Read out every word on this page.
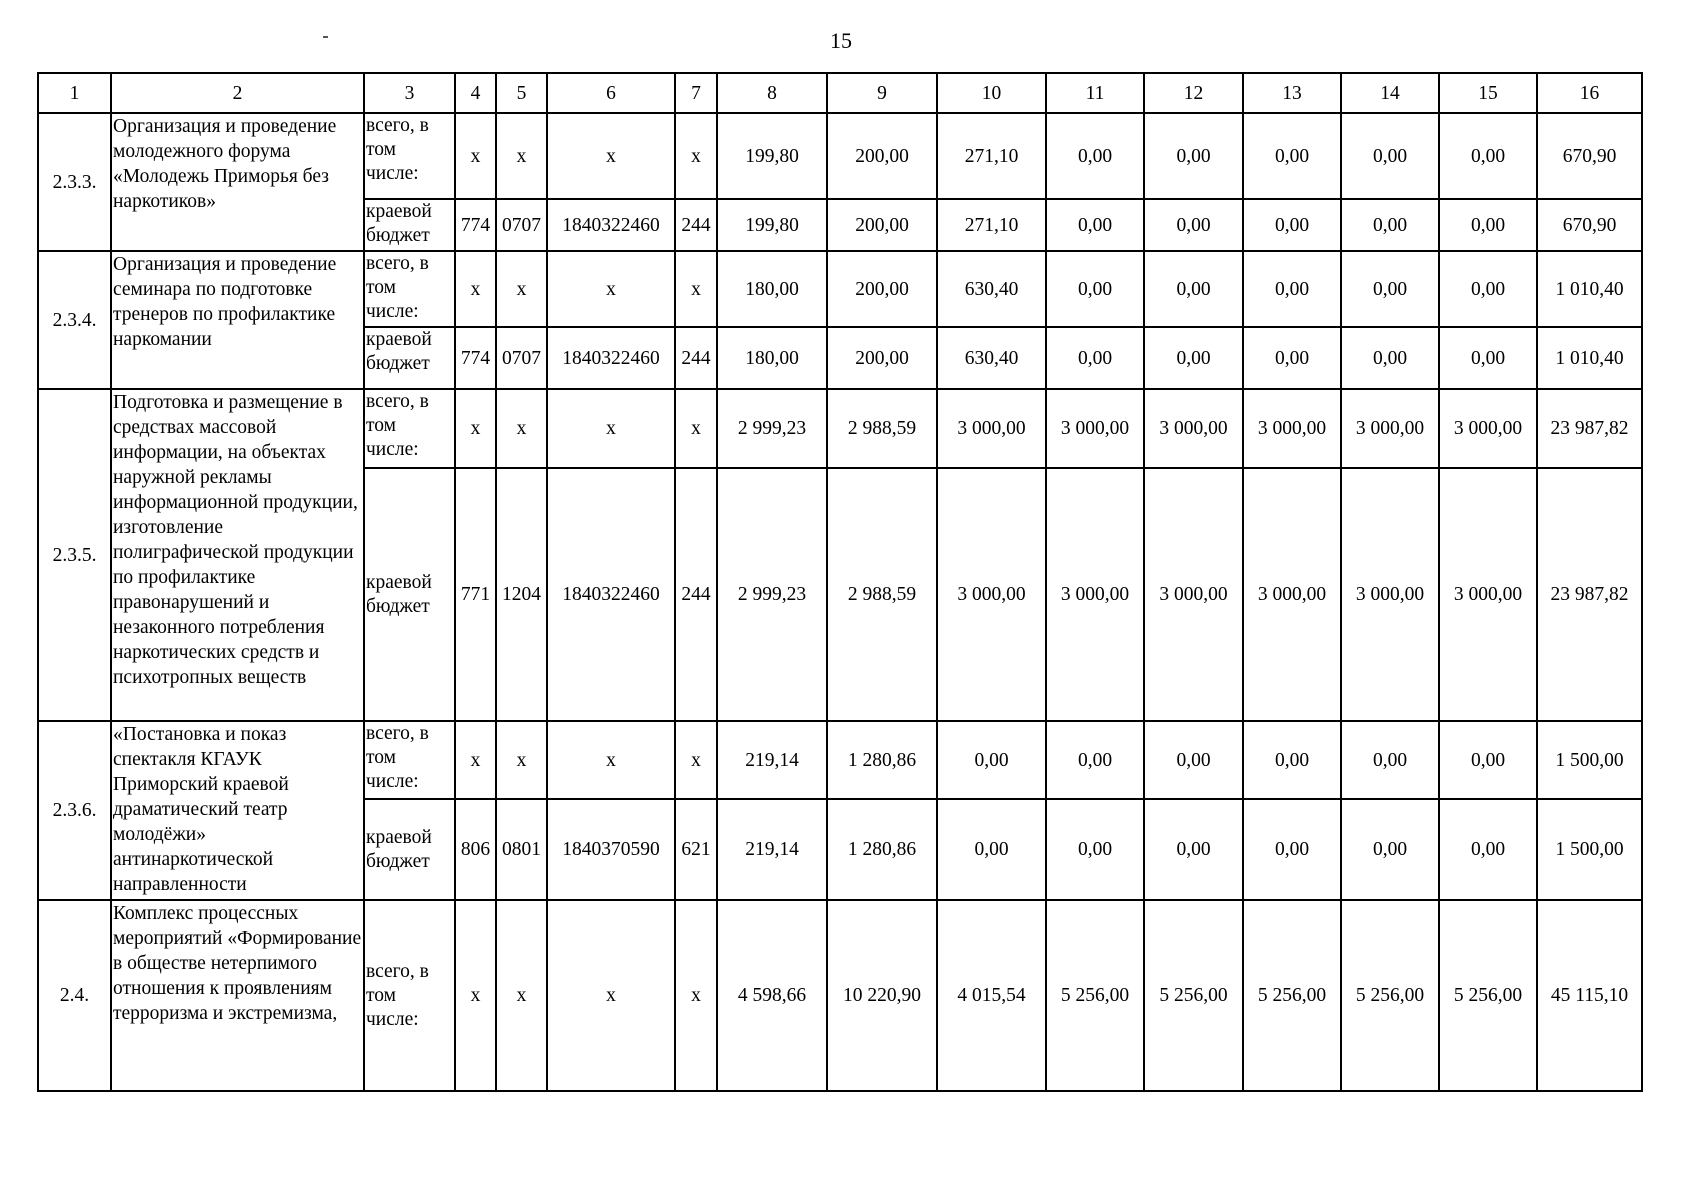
15
1	2	3	4	5	6	7	8	9	10	11	12	13	14	15	16
2.3.3.	Организация и проведение молодежного форума «Молодежь Приморья без наркотиков»	всего, в том числе:	x	x	x	x	199,80	200,00	271,10	0,00	0,00	0,00	0,00	0,00	670,90
		краевой бюджет	774	0707	1840322460	244	199,80	200,00	271,10	0,00	0,00	0,00	0,00	0,00	670,90
2.3.4.	Организация и проведение семинара по подготовке тренеров по профилактике наркомании	всего, в том числе:	x	x	x	x	180,00	200,00	630,40	0,00	0,00	0,00	0,00	0,00	1 010,40
		краевой бюджет	774	0707	1840322460	244	180,00	200,00	630,40	0,00	0,00	0,00	0,00	0,00	1 010,40
2.3.5.	Подготовка и размещение в средствах массовой информации, на объектах наружной рекламы информационной продукции, изготовление полиграфической продукции по профилактике правонарушений и незаконного потребления наркотических средств и психотропных веществ	всего, в том числе:	x	x	x	x	2 999,23	2 988,59	3 000,00	3 000,00	3 000,00	3 000,00	3 000,00	3 000,00	23 987,82
		краевой бюджет	771	1204	1840322460	244	2 999,23	2 988,59	3 000,00	3 000,00	3 000,00	3 000,00	3 000,00	3 000,00	23 987,82
2.3.6.	«Постановка и показ спектакля КГАУК Приморский краевой драматический театр молодёжи» антинаркотической направленности	всего, в том числе:	x	x	x	x	219,14	1 280,86	0,00	0,00	0,00	0,00	0,00	0,00	1 500,00
		краевой бюджет	806	0801	1840370590	621	219,14	1 280,86	0,00	0,00	0,00	0,00	0,00	0,00	1 500,00
2.4.	Комплекс процессных мероприятий «Формирование в обществе нетерпимого отношения к проявлениям терроризма и экстремизма,	всего, в том числе:	x	x	x	x	4 598,66	10 220,90	4 015,54	5 256,00	5 256,00	5 256,00	5 256,00	5 256,00	45 115,10
